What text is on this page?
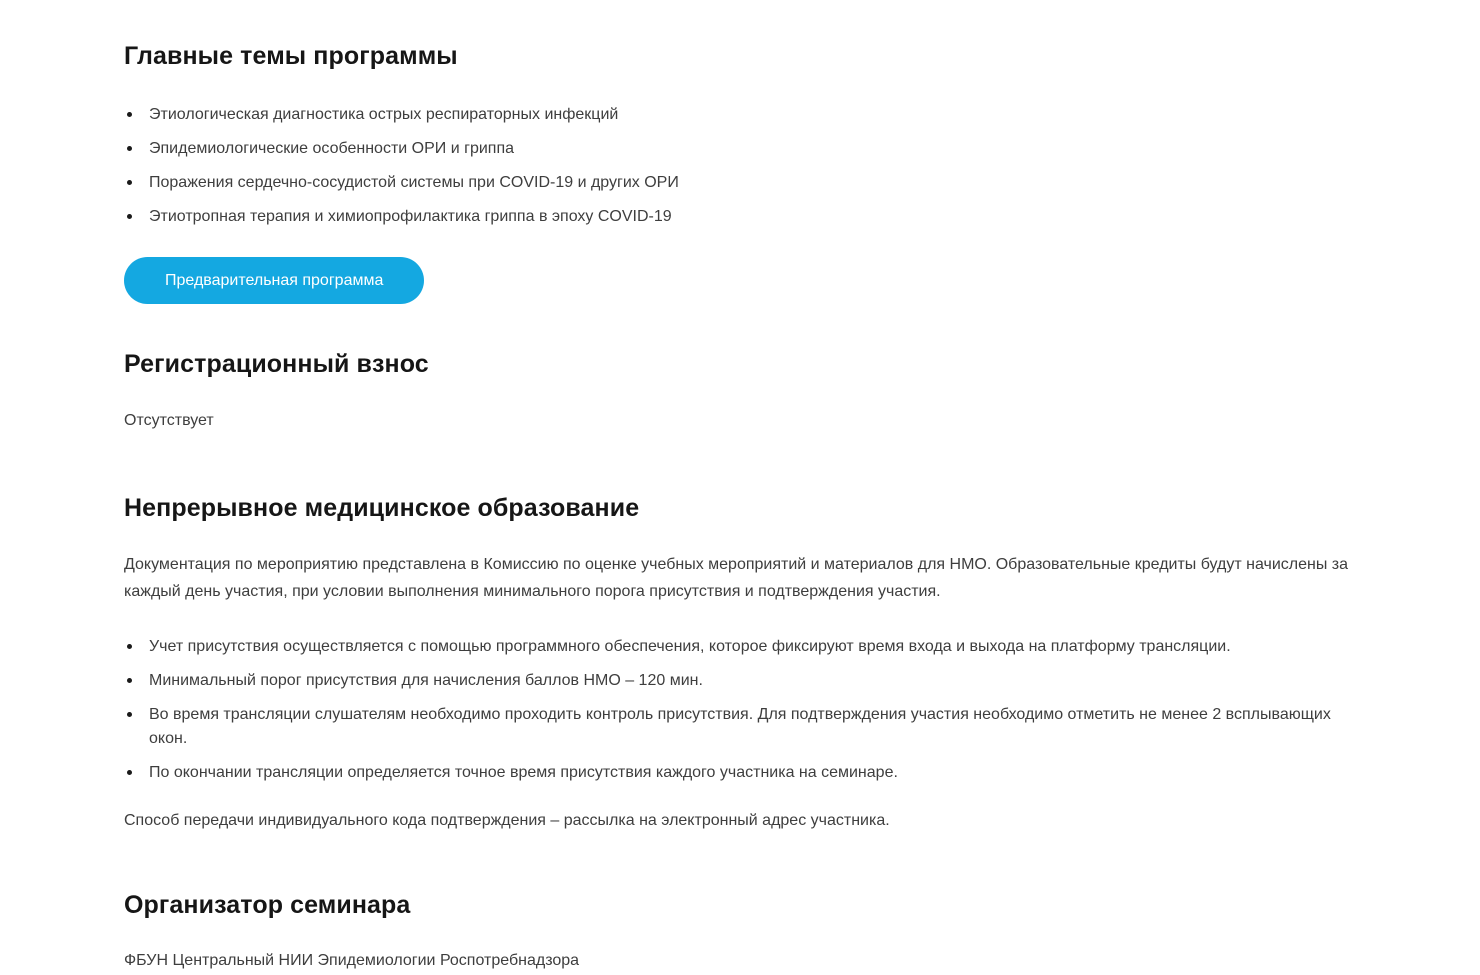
Главные темы программы
Этиологическая диагностика острых респираторных инфекций
Эпидемиологические особенности ОРИ и гриппа
Поражения сердечно-сосудистой системы при COVID-19 и других ОРИ
Этиотропная терапия и химиопрофилактика гриппа в эпоху COVID-19
Предварительная программа
Регистрационный взнос

Отсутствует

Непрерывное медицинское образование

Документация по мероприятию представлена в Комиссию по оценке учебных мероприятий и материалов для НМО. Образовательные кредиты будут начислены за каждый день участия, при условии выполнения минимального порога присутствия и подтверждения участия.

Учет присутствия осуществляется с помощью программного обеспечения, которое фиксируют время входа и выхода на платформу трансляции.
Минимальный порог присутствия для начисления баллов НМО – 120 мин.
Во время трансляции слушателям необходимо проходить контроль присутствия. Для подтверждения участия необходимо отметить не менее 2 всплывающих окон.
По окончании трансляции определяется точное время присутствия каждого участника на семинаре.

Способ передачи индивидуального кода подтверждения – рассылка на электронный адрес участника.

Организатор семинара

ФБУН Центральный НИИ Эпидемиологии Роспотребнадзора
